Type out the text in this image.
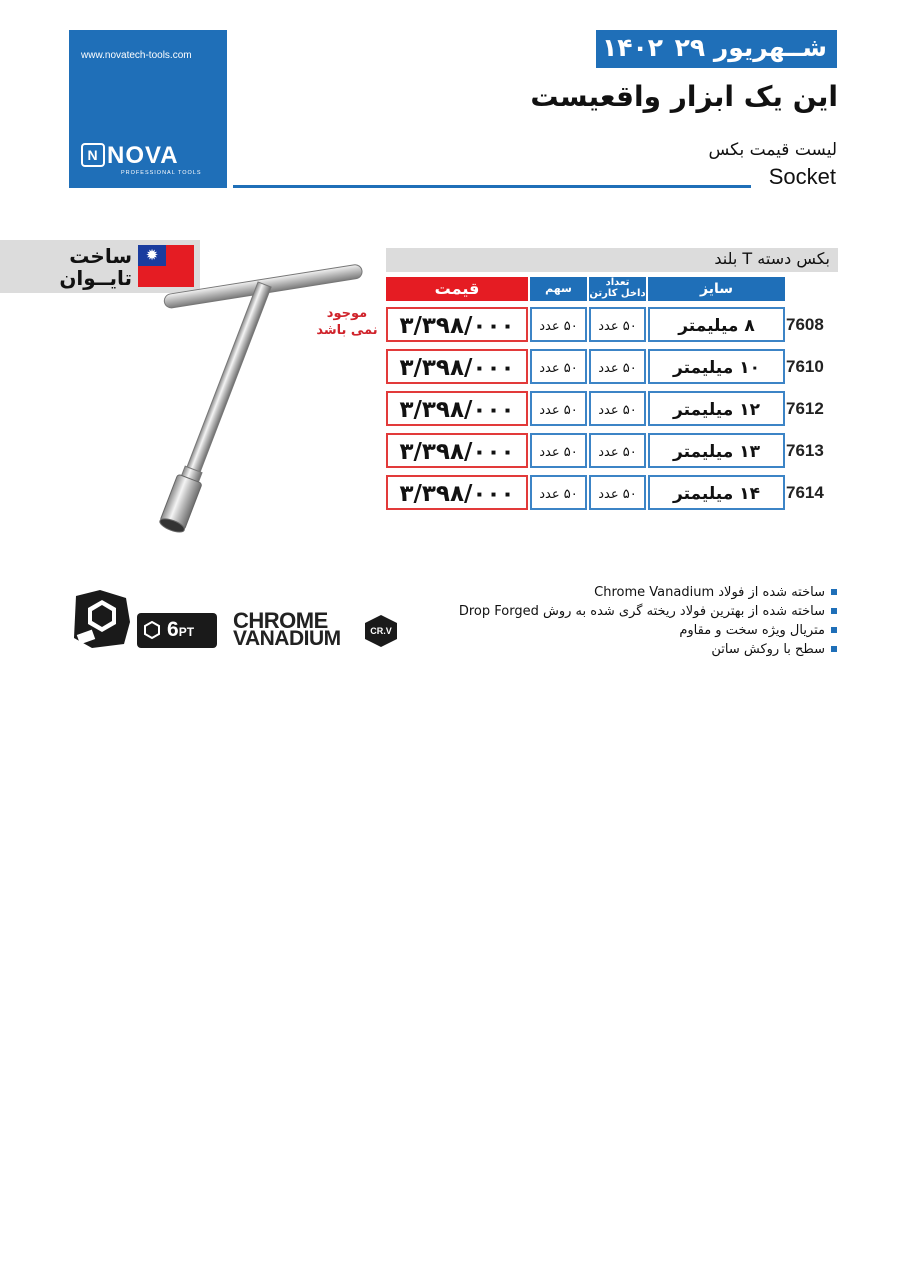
www.novatech-tools.com
N NOVA
PROFESSIONAL TOOLS
۲۹ شــهریور
۱۴۰۲
این یک ابزار واقعیست
لیست قیمت بکس
Socket
✹
ساخت
تایــوان
موجود
نمی باشد
بکس دسته T بلند
سایز
تعداد
داخل کارتن
سهم
قیمت
7608
۸ میلیمتر
۵۰ عدد
۵۰ عدد
۳/۳۹۸/۰۰۰
7610
۱۰ میلیمتر
۵۰ عدد
۵۰ عدد
۳/۳۹۸/۰۰۰
7612
۱۲ میلیمتر
۵۰ عدد
۵۰ عدد
۳/۳۹۸/۰۰۰
7613
۱۳ میلیمتر
۵۰ عدد
۵۰ عدد
۳/۳۹۸/۰۰۰
7614
۱۴ میلیمتر
۵۰ عدد
۵۰ عدد
۳/۳۹۸/۰۰۰
6PT CHROME
VANADIUM	CR.V
ساخته شده از فولاد Chrome Vanadium
ساخته شده از بهترین فولاد ریخته گری شده به روش Drop Forged
متریال ویژه سخت و مقاوم
سطح با روکش ساتن
